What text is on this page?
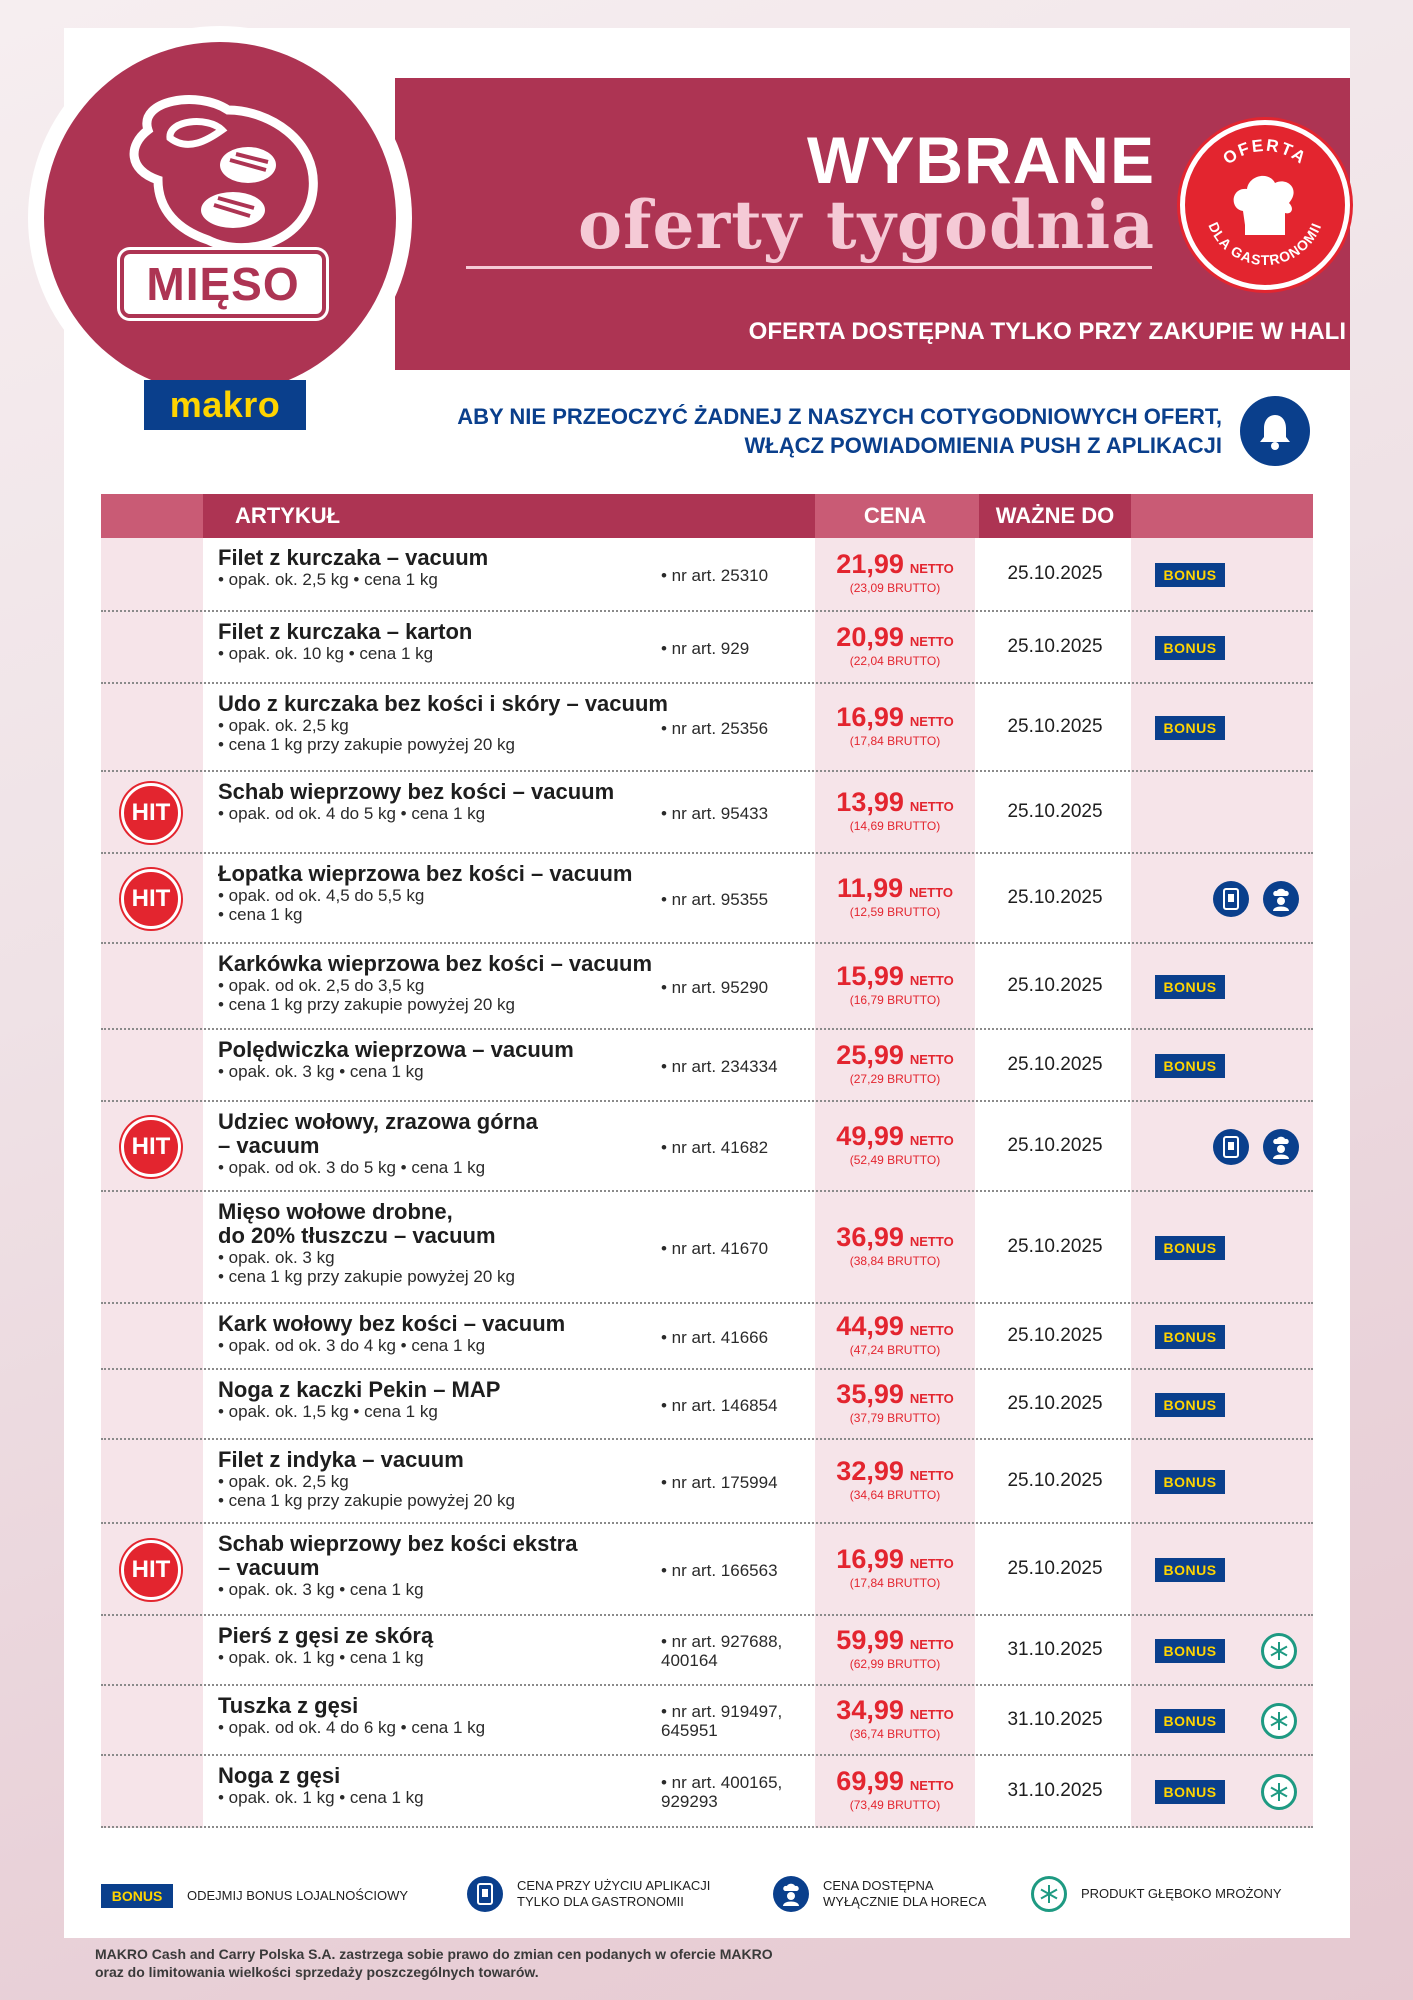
MIĘSO
makro
WYBRANE
oferty tygodnia
OFERTA
DLA GASTRONOMII
OFERTA DOSTĘPNA TYLKO PRZY ZAKUPIE W HALI
ABY NIE PRZEOCZYĆ ŻADNEJ Z NASZYCH COTYGODNIOWYCH OFERT,
WŁĄCZ POWIADOMIENIA PUSH Z APLIKACJI
ARTYKUŁ	CENA	WAŻNE DO
Filet z kurczaka – vacuum
• opak. ok. 2,5 kg • cena 1 kg	• nr art. 25310	21,99 NETTO
(23,09 BRUTTO)
25.10.2025	BONUS
Filet z kurczaka – karton
• opak. ok. 10 kg • cena 1 kg	• nr art. 929	20,99 NETTO
(22,04 BRUTTO)
25.10.2025	BONUS
Udo z kurczaka bez kości i skóry – vacuum
• opak. ok. 2,5 kg
• cena 1 kg przy zakupie powyżej 20 kg
• nr art. 25356	16,99 NETTO
(17,84 BRUTTO)
25.10.2025	BONUS
HIT
Schab wieprzowy bez kości – vacuum
• opak. od ok. 4 do 5 kg • cena 1 kg	• nr art. 95433	13,99 NETTO
(14,69 BRUTTO)
25.10.2025
HIT
Łopatka wieprzowa bez kości – vacuum
• opak. od ok. 4,5 do 5,5 kg
• cena 1 kg
• nr art. 95355	11,99 NETTO
(12,59 BRUTTO)
25.10.2025
Karkówka wieprzowa bez kości – vacuum
• opak. od ok. 2,5 do 3,5 kg
• cena 1 kg przy zakupie powyżej 20 kg
• nr art. 95290	15,99 NETTO
(16,79 BRUTTO)
25.10.2025	BONUS
Polędwiczka wieprzowa – vacuum
• opak. ok. 3 kg • cena 1 kg	• nr art. 234334	25,99 NETTO
(27,29 BRUTTO)
25.10.2025	BONUS
HIT
Udziec wołowy, zrazowa górna
– vacuum
• opak. od ok. 3 do 5 kg • cena 1 kg
• nr art. 41682	49,99 NETTO
(52,49 BRUTTO)
25.10.2025
Mięso wołowe drobne,
do 20% tłuszczu – vacuum
• opak. ok. 3 kg
• cena 1 kg przy zakupie powyżej 20 kg
• nr art. 41670	36,99 NETTO
(38,84 BRUTTO)
25.10.2025	BONUS
Kark wołowy bez kości – vacuum
• opak. od ok. 3 do 4 kg • cena 1 kg	• nr art. 41666	44,99 NETTO
(47,24 BRUTTO)
25.10.2025	BONUS
Noga z kaczki Pekin – MAP
• opak. ok. 1,5 kg • cena 1 kg	• nr art. 146854	35,99 NETTO
(37,79 BRUTTO)
25.10.2025	BONUS
Filet z indyka – vacuum
• opak. ok. 2,5 kg
• cena 1 kg przy zakupie powyżej 20 kg
• nr art. 175994	32,99 NETTO
(34,64 BRUTTO)
25.10.2025	BONUS
HIT
Schab wieprzowy bez kości ekstra
– vacuum
• opak. ok. 3 kg • cena 1 kg
• nr art. 166563	16,99 NETTO
(17,84 BRUTTO)
25.10.2025	BONUS
Pierś z gęsi ze skórą
• opak. ok. 1 kg • cena 1 kg
• nr art. 927688,
400164
59,99 NETTO
(62,99 BRUTTO)
31.10.2025	BONUS
Tuszka z gęsi
• opak. od ok. 4 do 6 kg • cena 1 kg
• nr art. 919497,
645951
34,99 NETTO
(36,74 BRUTTO)
31.10.2025	BONUS
Noga z gęsi
• opak. ok. 1 kg • cena 1 kg
• nr art. 400165,
929293
69,99 NETTO
(73,49 BRUTTO)
31.10.2025	BONUS
BONUS	ODEJMIJ BONUS LOJALNOŚCIOWY
CENA PRZY UŻYCIU APLIKACJI
TYLKO DLA GASTRONOMII
CENA DOSTĘPNA
WYŁĄCZNIE DLA HORECA
PRODUKT GŁĘBOKO MROŻONY
MAKRO Cash and Carry Polska S.A. zastrzega sobie prawo do zmian cen podanych w ofercie MAKRO
oraz do limitowania wielkości sprzedaży poszczególnych towarów.
